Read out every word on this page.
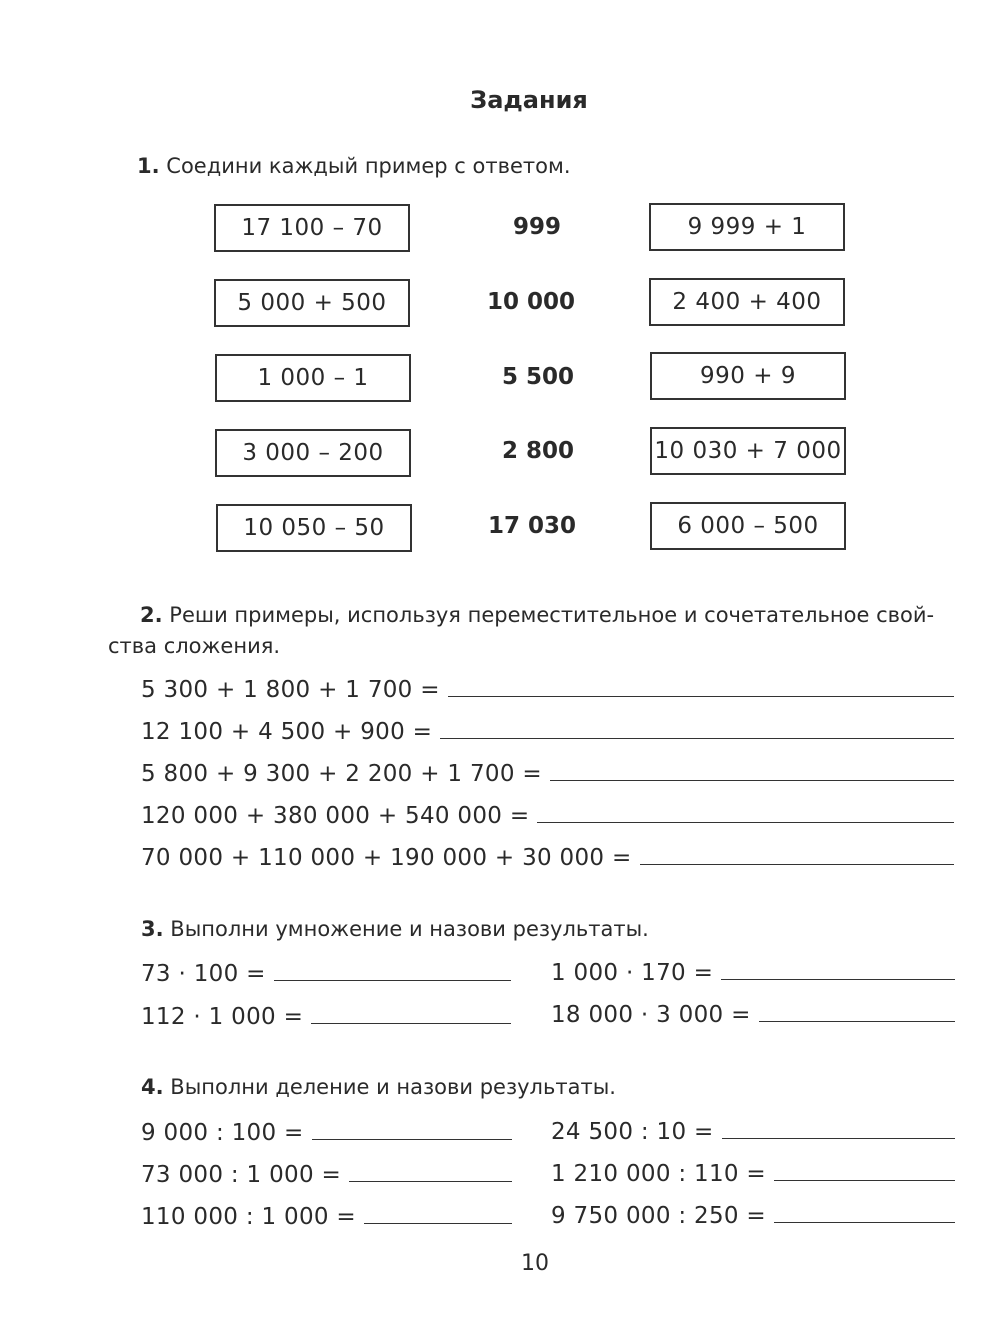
Задания
1. Соедини каждый пример с ответом.
17 100 – 70
5 000 + 500
1 000 – 1
3 000 – 200
10 050 – 50
999
10 000
5 500
2 800
17 030
9 999 + 1
2 400 + 400
990 + 9
10 030 + 7 000
6 000 – 500
2. Реши примеры, используя переместительное и сочетательное свой-
ства сложения.
5 300 + 1 800 + 1 700 =
12 100 + 4 500 + 900 =
5 800 + 9 300 + 2 200 + 1 700 =
120 000 + 380 000 + 540 000 =
70 000 + 110 000 + 190 000 + 30 000 =
3. Выполни умножение и назови результаты.
73 · 100 =
112 · 1 000 =
1 000 · 170 =
18 000 · 3 000 =
4. Выполни деление и назови результаты.
9 000 : 100 =
73 000 : 1 000 =
110 000 : 1 000 =
24 500 : 10 =
1 210 000 : 110 =
9 750 000 : 250 =
10
